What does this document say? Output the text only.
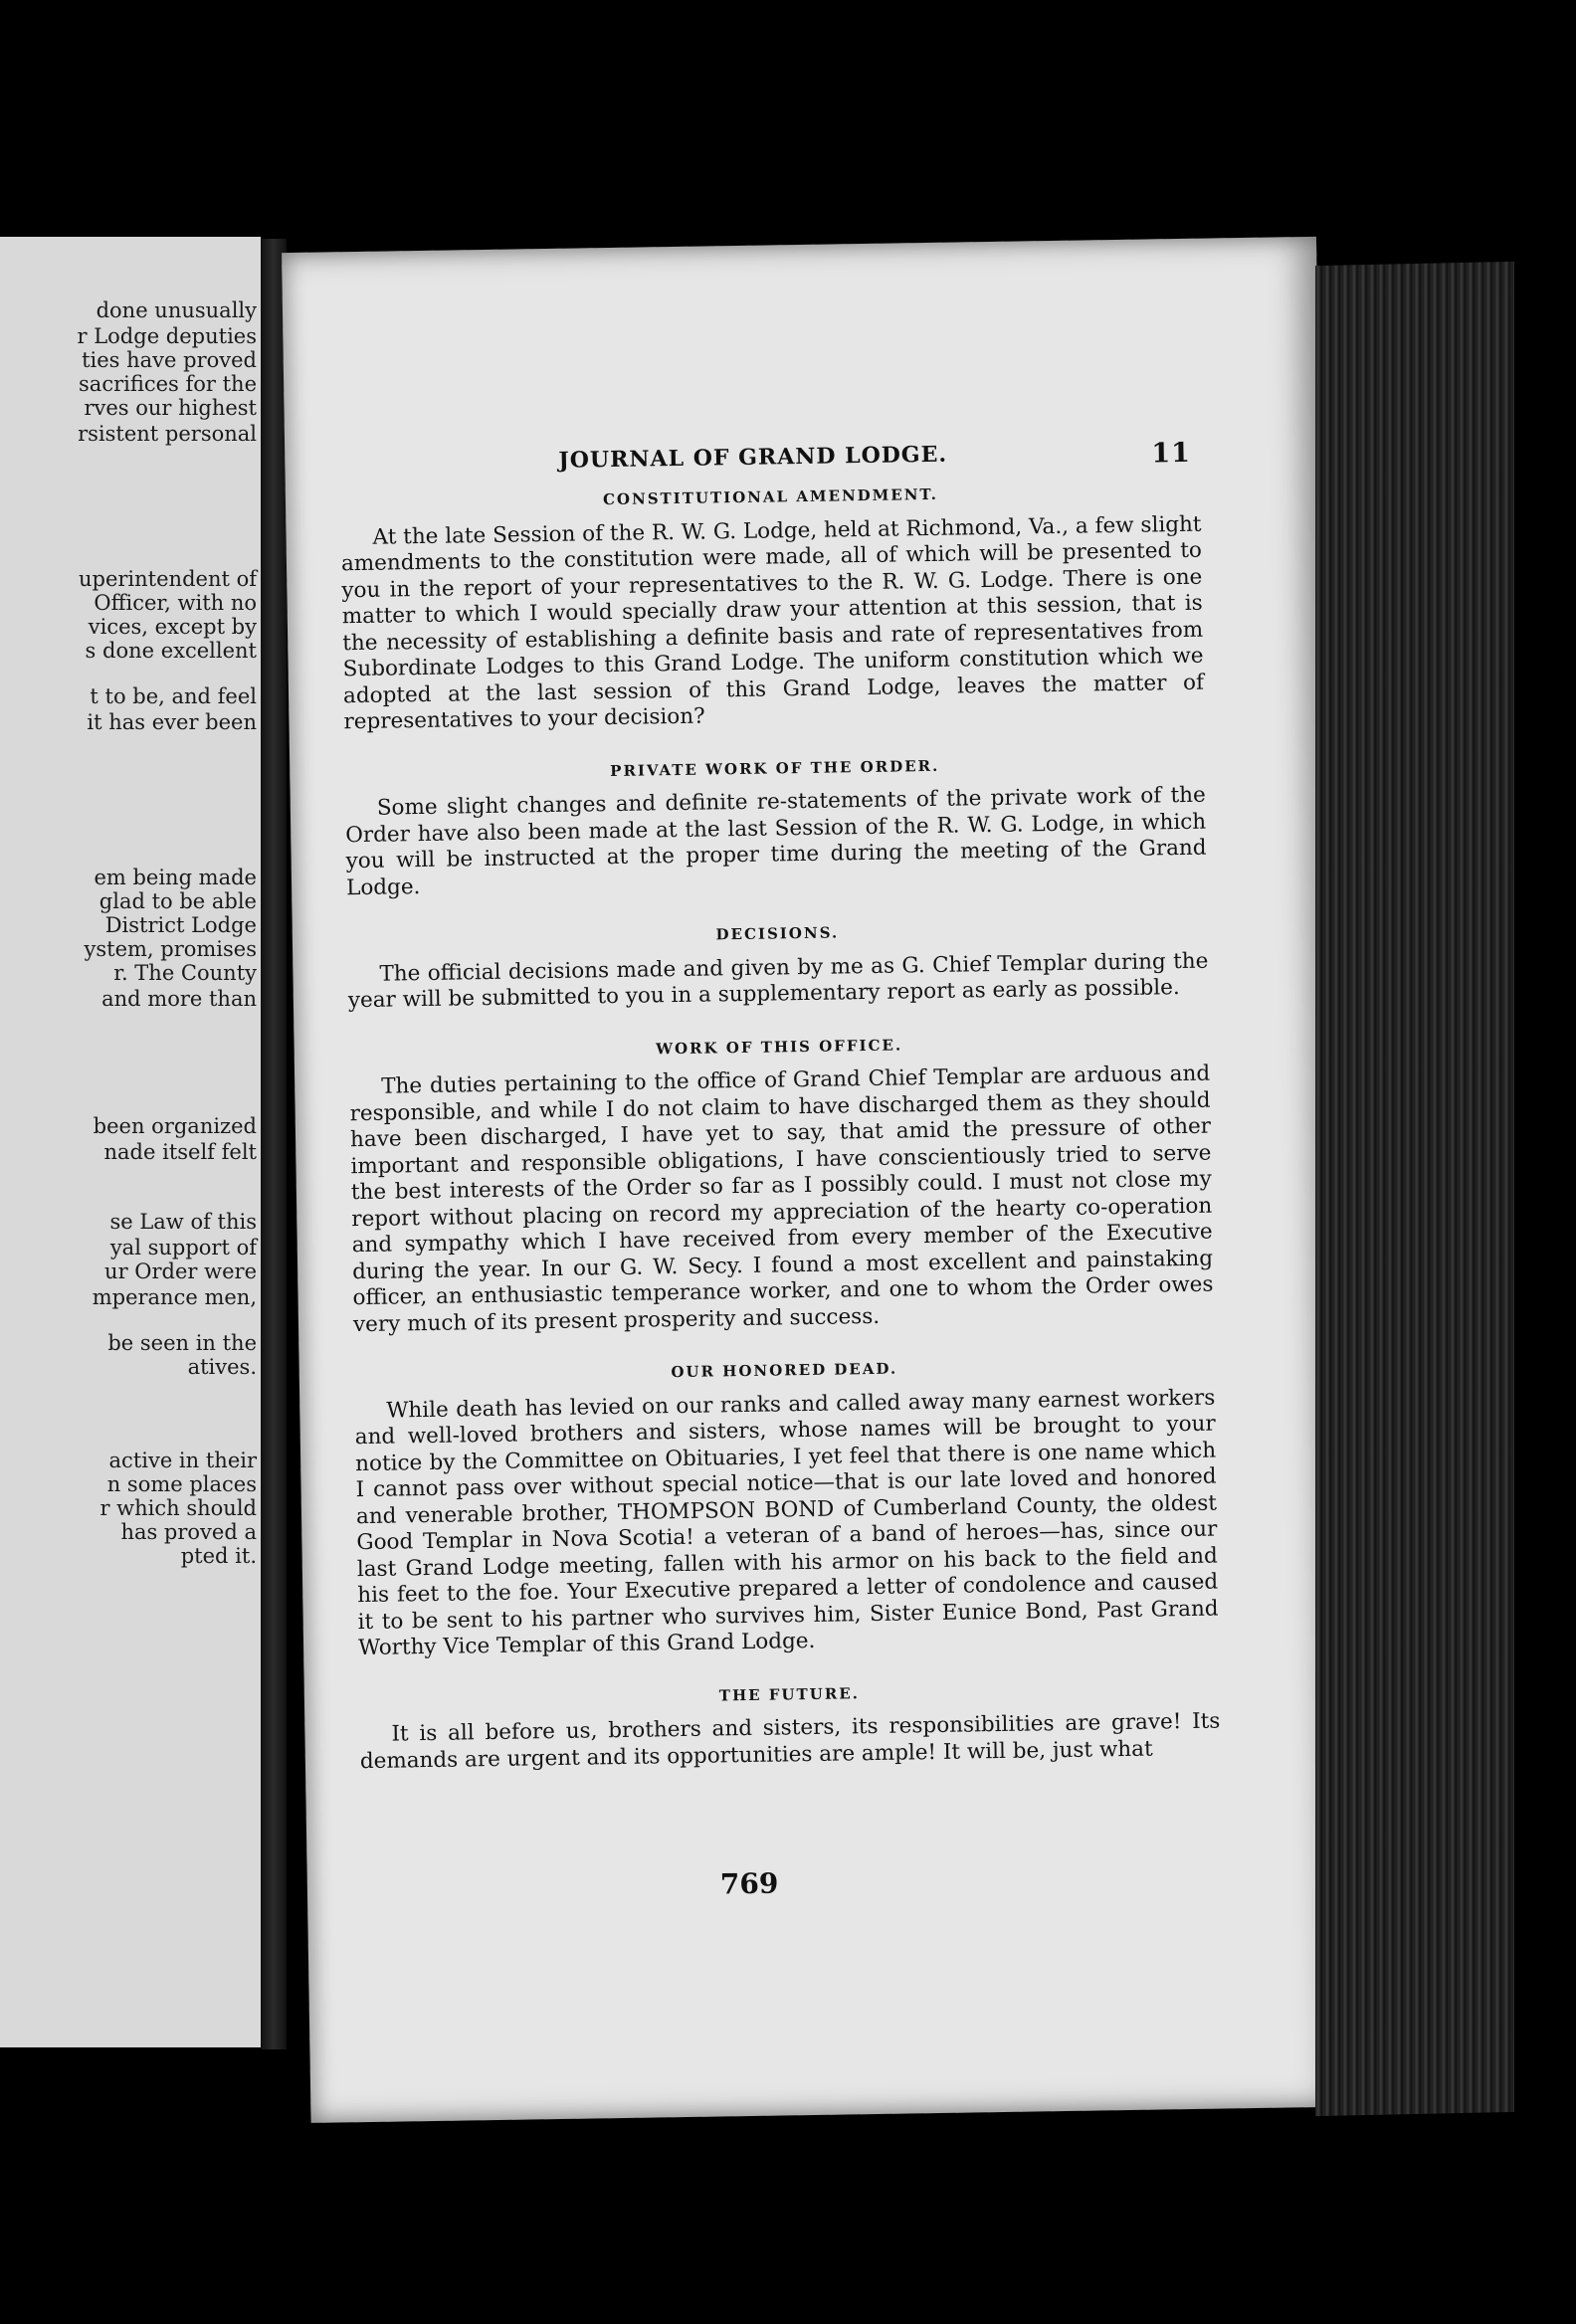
done unusually
r Lodge deputies
ties have proved
sacrifices for the
rves our highest
rsistent personal
uperintendent of
Officer, with no
vices, except by
s done excellent
t to be, and feel
it has ever been
em being made
glad to be able
District Lodge
ystem, promises
r. The County
and more than
been organized
nade itself felt
se Law of this
yal support of
ur Order were
mperance men,
be seen in the
atives.
active in their
n some places
r which should
has proved a
pted it.
JOURNAL OF GRAND LODGE.	11
CONSTITUTIONAL AMENDMENT.

At the late Session of the R. W. G. Lodge, held at Richmond, Va., a few slight amendments to the constitution were made, all of which will be presented to you in the report of your representatives to the R. W. G. Lodge. There is one matter to which I would specially draw your attention at this session, that is the necessity of establishing a definite basis and rate of representatives from Subordinate Lodges to this Grand Lodge. The uniform constitution which we adopted at the last session of this Grand Lodge, leaves the matter of representatives to your decision?

PRIVATE WORK OF THE ORDER.

Some slight changes and definite re-statements of the private work of the Order have also been made at the last Session of the R. W. G. Lodge, in which you will be instructed at the proper time during the meeting of the Grand Lodge.

DECISIONS.

The official decisions made and given by me as G. Chief Templar during the year will be submitted to you in a supplementary report as early as possible.

WORK OF THIS OFFICE.

The duties pertaining to the office of Grand Chief Templar are arduous and responsible, and while I do not claim to have discharged them as they should have been discharged, I have yet to say, that amid the pressure of other important and responsible obligations, I have conscientiously tried to serve the best interests of the Order so far as I possibly could. I must not close my report without placing on record my appreciation of the hearty co-operation and sympathy which I have received from every member of the Executive during the year. In our G. W. Secy. I found a most excellent and painstaking officer, an enthusiastic temperance worker, and one to whom the Order owes very much of its present prosperity and success.

OUR HONORED DEAD.

While death has levied on our ranks and called away many earnest workers and well-loved brothers and sisters, whose names will be brought to your notice by the Committee on Obituaries, I yet feel that there is one name which I cannot pass over without special notice—that is our late loved and honored and venerable brother, THOMPSON BOND of Cumberland County, the oldest Good Templar in Nova Scotia! a veteran of a band of heroes—has, since our last Grand Lodge meeting, fallen with his armor on his back to the field and his feet to the foe. Your Executive prepared a letter of condolence and caused it to be sent to his partner who survives him, Sister Eunice Bond, Past Grand Worthy Vice Templar of this Grand Lodge.

THE FUTURE.

It is all before us, brothers and sisters, its responsibilities are grave! Its demands are urgent and its opportunities are ample! It will be, just what

769
